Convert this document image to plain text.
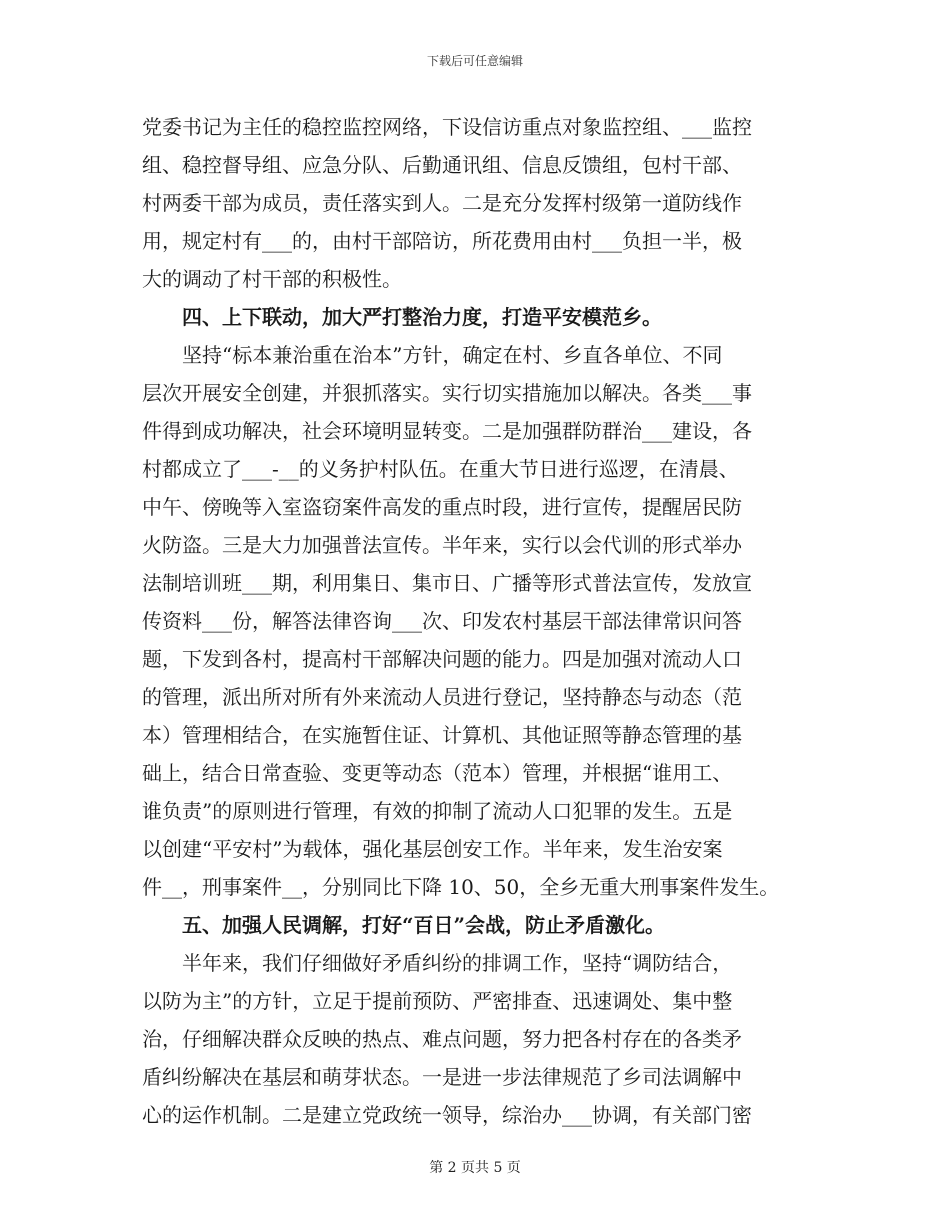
下载后可任意编辑
党委书记为主任的稳控监控网络，下设信访重点对象监控组、___监控
组、稳控督导组、应急分队、后勤通讯组、信息反馈组，包村干部、
村两委干部为成员，责任落实到人。二是充分发挥村级第一道防线作
用，规定村有___的，由村干部陪访，所花费用由村___负担一半，极
大的调动了村干部的积极性。
　　四、上下联动，加大严打整治力度，打造平安模范乡。
　　坚持“标本兼治重在治本”方针，确定在村、乡直各单位、不同
层次开展安全创建，并狠抓落实。实行切实措施加以解决。各类___事
件得到成功解决，社会环境明显转变。二是加强群防群治___建设，各
村都成立了___-__的义务护村队伍。在重大节日进行巡逻，在清晨、
中午、傍晚等入室盗窃案件高发的重点时段，进行宣传，提醒居民防
火防盗。三是大力加强普法宣传。半年来，实行以会代训的形式举办
法制培训班___期，利用集日、集市日、广播等形式普法宣传，发放宣
传资料___份，解答法律咨询___次、印发农村基层干部法律常识问答
题，下发到各村，提高村干部解决问题的能力。四是加强对流动人口
的管理，派出所对所有外来流动人员进行登记，坚持静态与动态（范
本）管理相结合，在实施暂住证、计算机、其他证照等静态管理的基
础上，结合日常查验、变更等动态（范本）管理，并根据“谁用工、
谁负责”的原则进行管理，有效的抑制了流动人口犯罪的发生。五是
以创建“平安村”为载体，强化基层创安工作。半年来，发生治安案
件__，刑事案件__，分别同比下降 10、50，全乡无重大刑事案件发生。
　　五、加强人民调解，打好“百日”会战，防止矛盾激化。
　　半年来，我们仔细做好矛盾纠纷的排调工作，坚持“调防结合，
以防为主”的方针，立足于提前预防、严密排查、迅速调处、集中整
治，仔细解决群众反映的热点、难点问题，努力把各村存在的各类矛
盾纠纷解决在基层和萌芽状态。一是进一步法律规范了乡司法调解中
心的运作机制。二是建立党政统一领导，综治办___协调，有关部门密
第 2 页共 5 页
